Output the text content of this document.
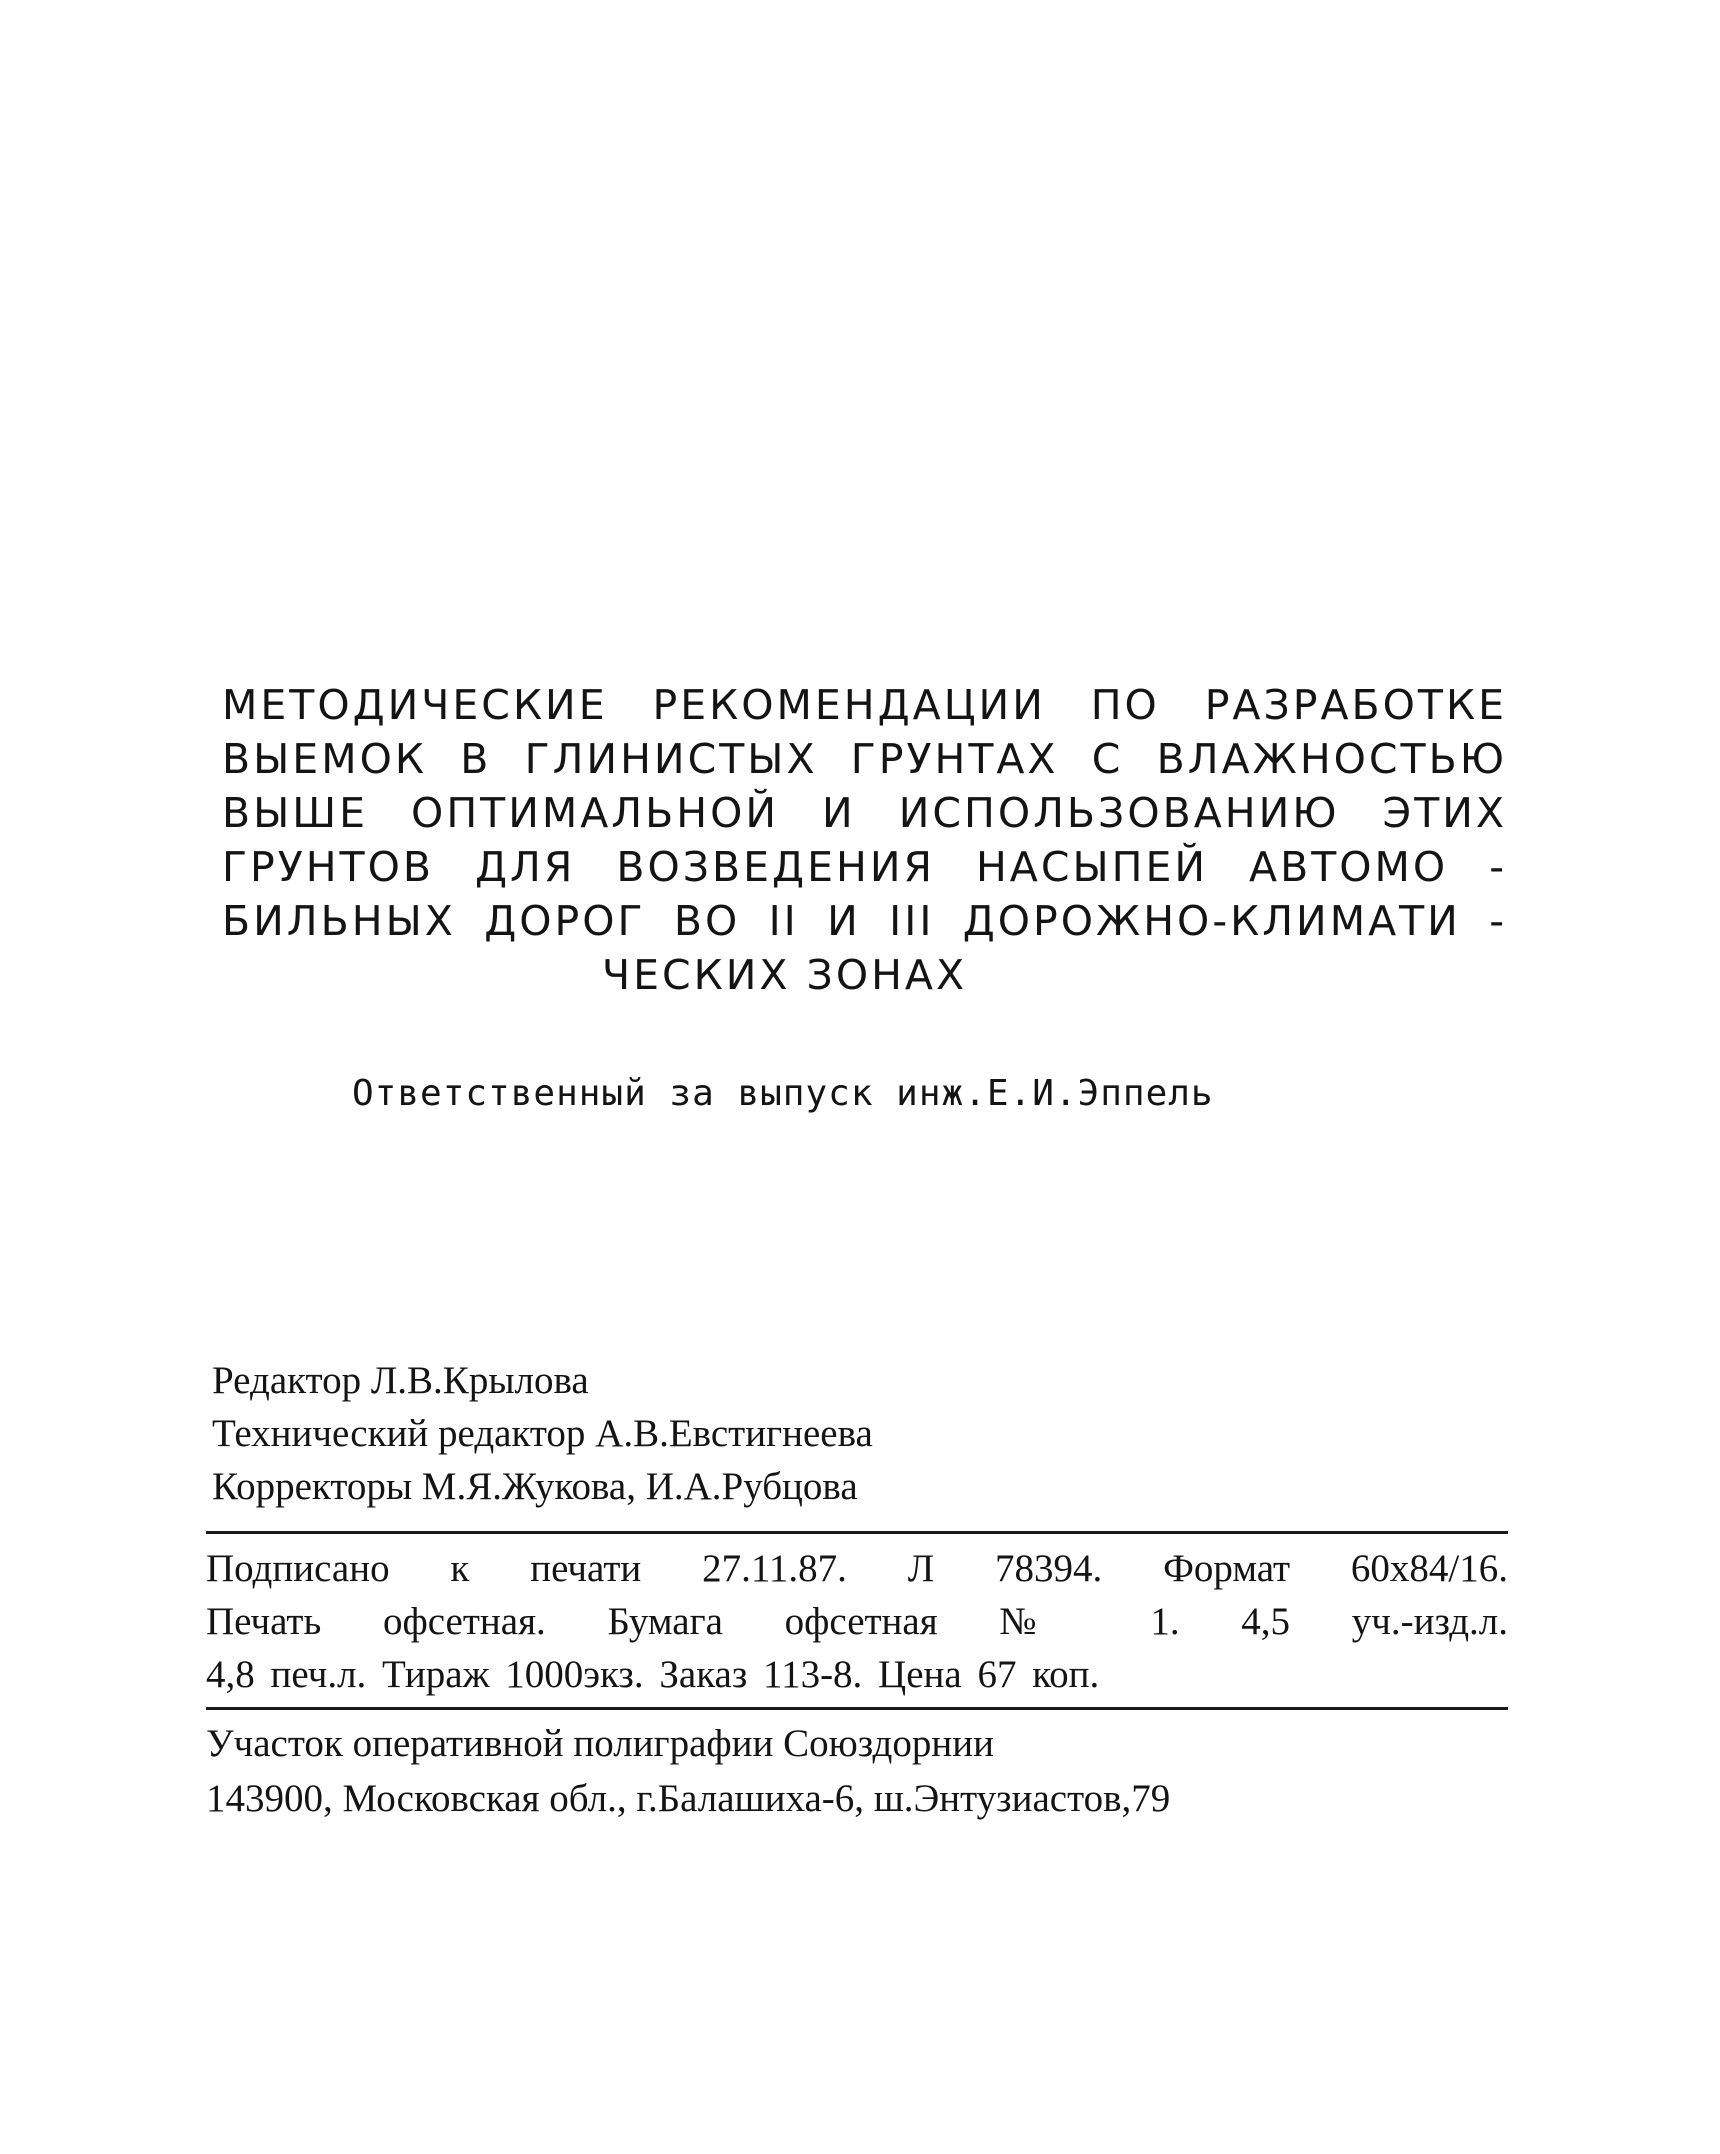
МЕТОДИЧЕСКИЕ РЕКОМЕНДАЦИИ ПО РАЗРАБОТКЕ
ВЫЕМОК В ГЛИНИСТЫХ ГРУНТАХ С ВЛАЖНОСТЬЮ
ВЫШЕ ОПТИМАЛЬНОЙ И ИСПОЛЬЗОВАНИЮ ЭТИХ
ГРУНТОВ ДЛЯ ВОЗВЕДЕНИЯ НАСЫПЕЙ АВТОМО -
БИЛЬНЫХ ДОРОГ ВО II И III ДОРОЖНО-КЛИМАТИ -
ЧЕСКИХ ЗОНАХ
Ответственный за выпуск инж.Е.И.Эппель
Редактор Л.В.Крылова
Технический редактор А.В.Евстигнеева
Корректоры М.Я.Жукова, И.А.Рубцова
Подписано к печати 27.11.87. Л 78394. Формат 60х84/16.
Печать офсетная. Бумага офсетная № 1. 4,5 уч.-изд.л.
4,8 печ.л. Тираж 1000экз. Заказ 113-8. Цена 67 коп.
Участок оперативной полиграфии Союздорнии
143900, Московская обл., г.Балашиха-6, ш.Энтузиастов,79
